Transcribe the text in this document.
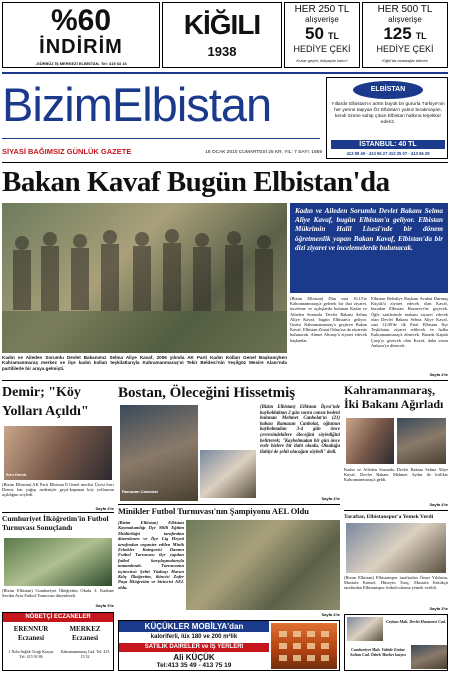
%60
İNDİRİM
-GÜRBÜZ İŞ MERKEZİ ELBİSTAN- Tel: 415 63 16
KİĞILI
1938
HER 250 TL
alışverişe
50 TL
HEDİYE ÇEKİ
Kızlar geçici, ihtiyaçlar kalıcı!
HER 500 TL
alışverişe
125 TL
HEDİYE ÇEKİ
Kiğılı'da avantajlar bitmez
BizimElbistan
SİYASİ BAĞIMSIZ GÜNLÜK GAZETE	16 OCAK 2010 CUMARTESİ 25 KR. YIL: 7 SAYI: 1859
ELBİSTAN
Yıllardır Elbistan'ın aörtn büyük bir gururla Türkiye'nin her yerine taşıyan Öz Elbistan'ı yalnız bırakmayan, kendi özüne sahip çıkan Elbistan halkına teşekkür ederiz.
İSTANBUL: 40 TL
413 89 49 - 413 65 27 413 25 07 - 413 65 29
Bakan Kavaf Bugün Elbistan'da
Kadın ve Aileden Sorumlu Devlet Bakanımız Selma Aliye Kavaf, 2006 yılında AK Parti Kadın Kolları Genel Başkanıyken Kahramanmaraş merkez ve ilçe kadın kolları teşkilatlarıyla Kahramanmaraş'ın Tekir Beldesi'nin Yeşilgöz Mesire Alanı'nda partililerle bir araya gelmişti.
Kadın ve Aileden Sorumlu Devlet Bakanı Selma Aliye Kavaf, bugün Elbistan'a geliyor. Elbistan Mükrimin Halil Lisesi'nde bir dönem öğretmenlik yapan Bakan Kavaf, Elbistan'da bir dizi ziyaret ve incelemelerde bulunacak.
(Bizim Elbistan) Dün saat 16.15'te Kahramanmaraş'a gelerek bir dizi ziyaret, inceleme ve açılışlarda bulunan Kadın ve Aileden Sorumlu Devlet Bakanı Selma Aliye Kavaf, bugün Elbistan'a geliyor. Gezisi Kahramanmaraş'a geçtiren Bakan Kavaf, Elbistan Ziraat Odası'na da ziyarette bulunacak. Ahmet Altınay'a ziyaret edecek başkanlar.
Elbistan Belediye Başkanı Avukat Durmuş Küçük'ü ziyaret edecek olan Kavaf, buradan Elbistan Huzurevi'ne geçecek. Öğle saatlerinde makam ziyaret edecek olan Devlet Bakanı Selma Aliye Kavaf, saat 14.00'de ilk Parti Elbistan İlçe Teşkilatını ziyaret edilecek ve halka Kahramanmaraş'a dönecek. Burada Kapalı Çarşı'yı gezecek olan Kavaf, daha sonra Ankara'ya dönecek.
Sayfa 4'te
Demir; "Köy Yolları Açıldı"
Sırrı Demir
(Bizim Elbistan) AK Parti Elbistan İl Genel meclisi Üyesi Sırrı Demir, kar yağışı nedeniyle geçit-kapanan köy yollarının açıldığını söyledi.
Sayfa 4'te
Bostan, Öleceğini Hissetmiş
Ramazan Canbolat
(Bizim Elbistan) Elbistan İlçesi'nde kaybolduktan 2 gün sonra cansız bedeni bulunan Mehmet Canbolat'ın (21) babası Ramazan Canbolat, oğlunun kaybolmadan 3-4 gün önce çevresindekilere öleceğini söylediğini belirterek; "Kaybolmadan bir gün önce evde bizlere bir ilahi okudu. Okuduğu ilahiyi de şehit olacağını söyledi" dedi.
Sayfa 4'te
Kahramanmaraş, İki Bakanı Ağırladı
Kadın ve Aileden Sorumlu Devlet Bakanı Selma Aliye Kavaf, Devlet Bakanı Mehmet Aydın ile birlikte Kahramanmaraş'a geldi.
Sayfa 4'te
Cumhuriyet İlköğretim'in Futbol Turnuvası Sonuçlandı
(Bizim Elbistan) Cumhuriyet İlköğretim Okulu 3. Kadime Sevdar Aras Futbol Turnuvası düzenlendi.
Sayfa 3'te
Minikler Futbol Turnuvası'nın Şampiyonu AEL Oldu
(Bizim Elbistan) Elbistan Kaymakamlığı İlçe Milli Eğitim Müdürlüğü tarafından düzenlenen ve İlçe Lig Heyeti tarafından organize edilen Minik Erkekler Kategorisi Damını Futbol Turnuvası ilçe yapılan futbol karşılaşmalarıyla tamamlandı. Turnuvanın üçüncüsü Şehit Yüzbaşı Harun Kılıç İlköğretim, ikincisi Zafer Paşa İlköğretim ve birincisi AEL oldu.
Sayfa 4'te
Taraftar, Elbistanspor'a Yemek Verdi
(Bizim Elbistan) Elbistanspor taraftarları Ömer Yıldırım, Mustafa Kimsel, Hüseyin Tunç, Mustafa Kütükçü tarafından Elbistanspor futbolcularına yemek verildi.
Sayfa 3'te
NÖBETÇİ ECZANELER
ERENNUR Eczanesi
1 Nolu Sağlık Ocağı Karşısı Tel: 415 92 86
MERKEZ Eczanesi
Kahramanmaraş Cad. Tel: 413 15 52
KÜÇÜKLER MOBİLYA'dan
kaloriferli, lüx 180 ve 200 m²lik
SATILIK DAİRELER ve İŞ YERLERİ
Ali KÜÇÜK
Tel:413 35 49 - 413 75 19
Ceykan Mah. Devlet Hastanesi Cad.
Cumhuriyet Mah. Vahide Emine Sultan Cad. Özbek Market karşısı
